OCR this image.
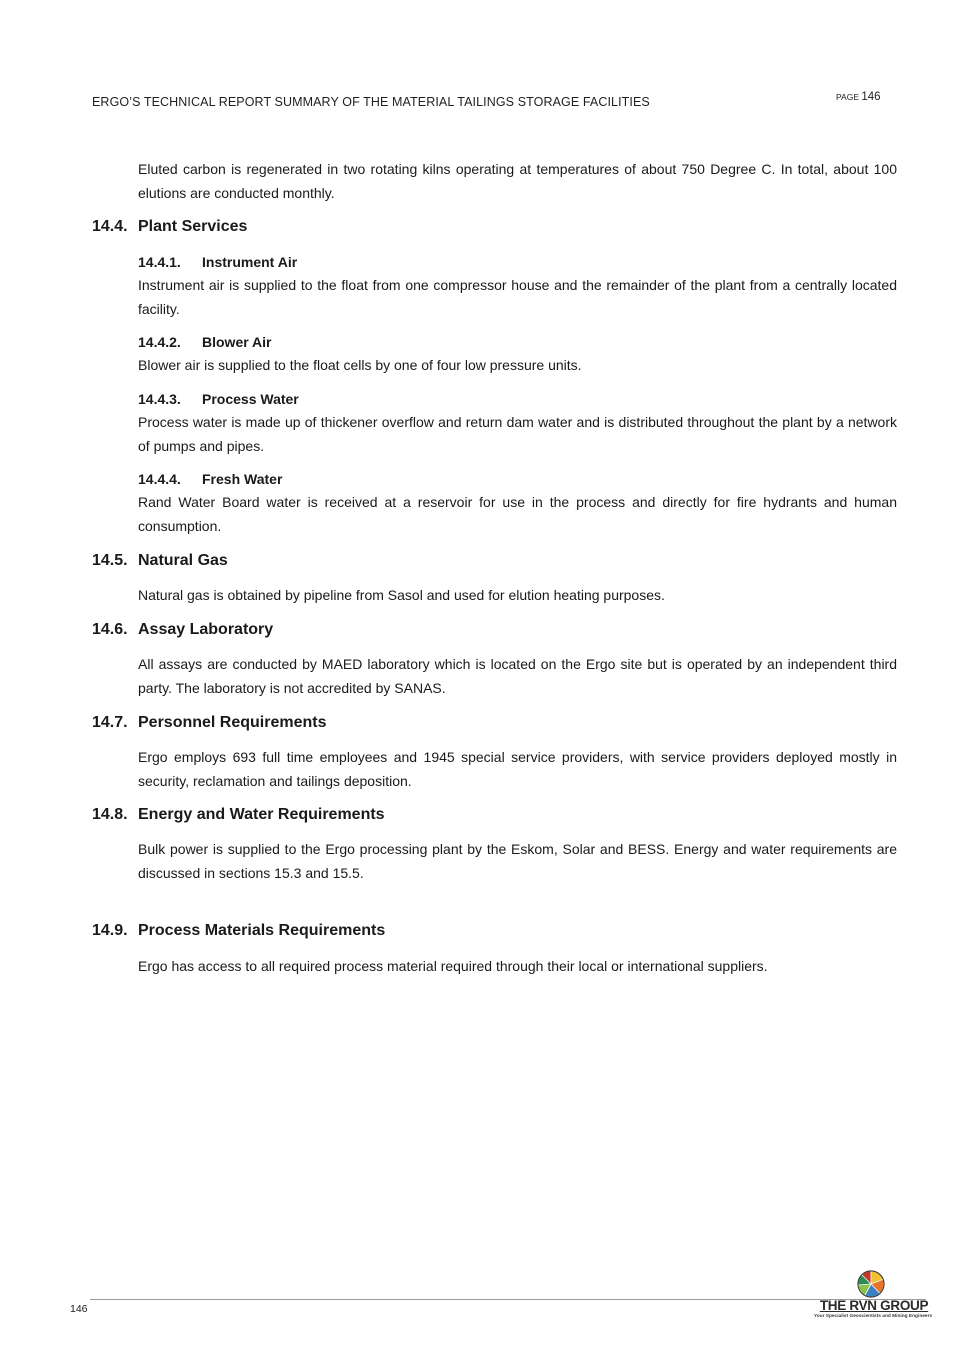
ERGO’S TECHNICAL REPORT SUMMARY OF THE MATERIAL TAILINGS STORAGE FACILITIES	PAGE 146

Eluted carbon is regenerated in two rotating kilns operating at temperatures of about 750 Degree C. In total, about 100 elutions are conducted monthly.

14.4. Plant Services
14.4.1. Instrument Air

Instrument air is supplied to the float from one compressor house and the remainder of the plant from a centrally located facility.

14.4.2. Blower Air

Blower air is supplied to the float cells by one of four low pressure units.

14.4.3. Process Water

Process water is made up of thickener overflow and return dam water and is distributed throughout the plant by a network of pumps and pipes.

14.4.4. Fresh Water

Rand Water Board water is received at a reservoir for use in the process and directly for fire hydrants and human consumption.

14.5. Natural Gas

Natural gas is obtained by pipeline from Sasol and used for elution heating purposes.

14.6. Assay Laboratory

All assays are conducted by MAED laboratory which is located on the Ergo site but is operated by an independent third party. The laboratory is not accredited by SANAS.

14.7. Personnel Requirements

Ergo employs 693 full time employees and 1945 special service providers, with service providers deployed mostly in security, reclamation and tailings deposition.

14.8. Energy and Water Requirements

Bulk power is supplied to the Ergo processing plant by the Eskom, Solar and BESS. Energy and water requirements are discussed in sections 15.3 and 15.5.

14.9. Process Materials Requirements

Ergo has access to all required process material required through their local or international suppliers.

146	THE RVN GROUP
Your Specialist Geoscientists and Mining Engineers
